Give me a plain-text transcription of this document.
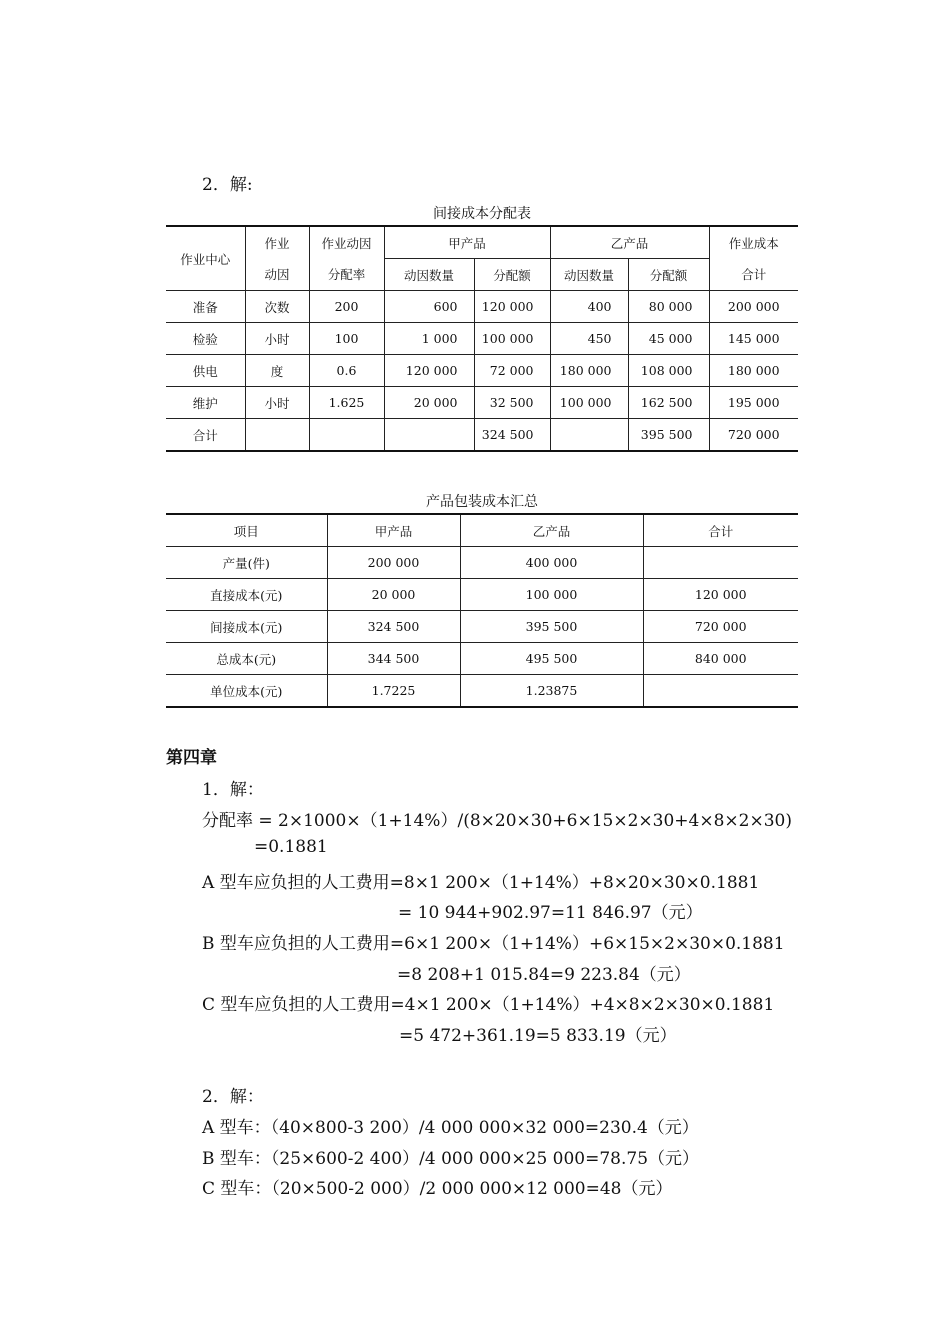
2．解:
间接成本分配表
作业中心	作业	作业动因	甲产品		乙产品		作业成本
	动因	分配率	动因数量	分配额	动因数量	分配额	合计
准备	次数	200	600	120 000	400	80 000	200 000
检验	小时	100	1 000	100 000	450	45 000	145 000
供电	度	0.6	120 000	72 000	180 000	108 000	180 000
维护	小时	1.625	20 000	32 500	100 000	162 500	195 000
合计				324 500		395 500	720 000
产品包装成本汇总
项目	甲产品	乙产品	合计
产量(件)	200 000	400 000	
直接成本(元)	20 000	100 000	120 000
间接成本(元)	324 500	395 500	720 000
总成本(元)	344 500	495 500	840 000
单位成本(元)	1.7225	1.23875	
第四章
1．解：
分配率 = 2×1000×（1+14%）/(8×20×30+6×15×2×30+4×8×2×30)
=0.1881
A 型车应负担的人工费用=8×1 200×（1+14%）+8×20×30×0.1881
= 10 944+902.97=11 846.97（元）
B 型车应负担的人工费用=6×1 200×（1+14%）+6×15×2×30×0.1881
=8 208+1 015.84=9 223.84（元）
C 型车应负担的人工费用=4×1 200×（1+14%）+4×8×2×30×0.1881
=5 472+361.19=5 833.19（元）
2．解：
A 型车：（40×800-3 200）/4 000 000×32 000=230.4（元）
B 型车：（25×600-2 400）/4 000 000×25 000=78.75（元）
C 型车：（20×500-2 000）/2 000 000×12 000=48（元）
